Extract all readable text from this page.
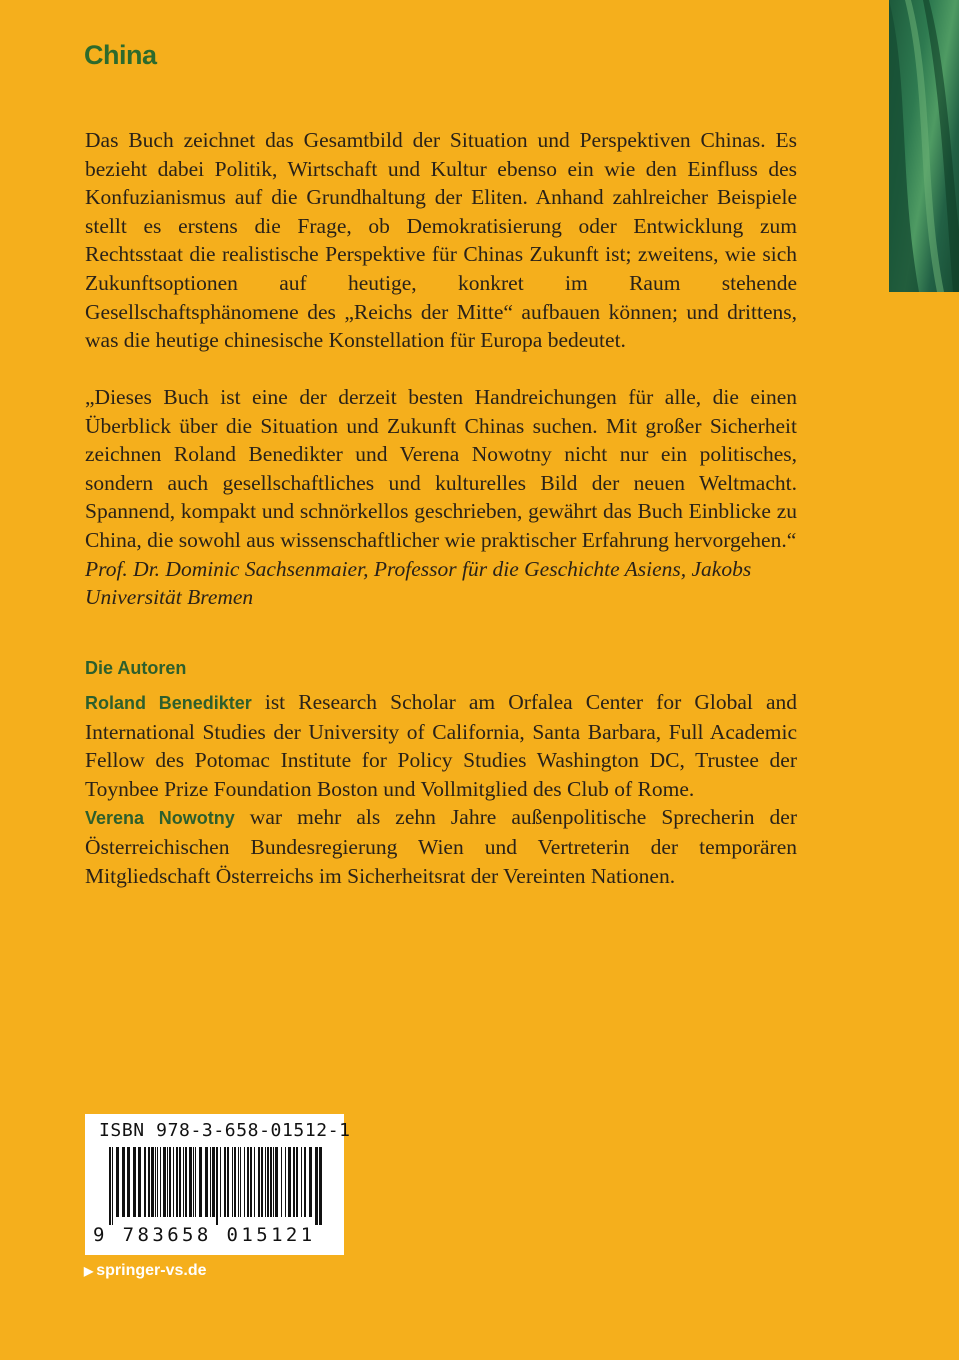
China

Das Buch zeichnet das Gesamtbild der Situation und Perspektiven Chinas. Es bezieht dabei Politik, Wirtschaft und Kultur ebenso ein wie den Einfluss des Konfuzianismus auf die Grundhaltung der Eliten. Anhand zahlreicher Beispiele stellt es erstens die Frage, ob Demokratisierung oder Entwicklung zum Rechtsstaat die realistische Perspektive für Chinas Zukunft ist; zweitens, wie sich Zukunftsoptionen auf heutige, konkret im Raum stehende Gesellschaftsphänomene des „Reichs der Mitte“ aufbauen können; und drittens, was die heutige chinesische Konstellation für Europa bedeutet.

„Dieses Buch ist eine der derzeit besten Handreichungen für alle, die einen Überblick über die Situation und Zukunft Chinas suchen. Mit großer Sicherheit zeichnen Roland Benedikter und Verena Nowotny nicht nur ein politisches, sondern auch gesellschaftliches und kulturelles Bild der neuen Weltmacht. Spannend, kompakt und schnörkellos geschrieben, gewährt das Buch Einblicke zu China, die sowohl aus wissenschaftlicher wie praktischer Erfahrung hervorgehen.“

Prof. Dr. Dominic Sachsenmaier, Professor für die Geschichte Asiens, Jakobs Universität Bremen

Die Autoren

Roland Benedikter ist Research Scholar am Orfalea Center for Global and International Studies der University of California, Santa Barbara, Full Academic Fellow des Potomac Institute for Policy Studies Washington DC, Trustee der Toynbee Prize Foundation Boston und Vollmitglied des Club of Rome.

Verena Nowotny war mehr als zehn Jahre außenpolitische Sprecherin der Österreichischen Bundesregierung Wien und Vertreterin der temporären Mitgliedschaft Österreichs im Sicherheitsrat der Vereinten Nationen.

ISBN 978-3-658-01512-1
9 783658 015121
▶ springer-vs.de
